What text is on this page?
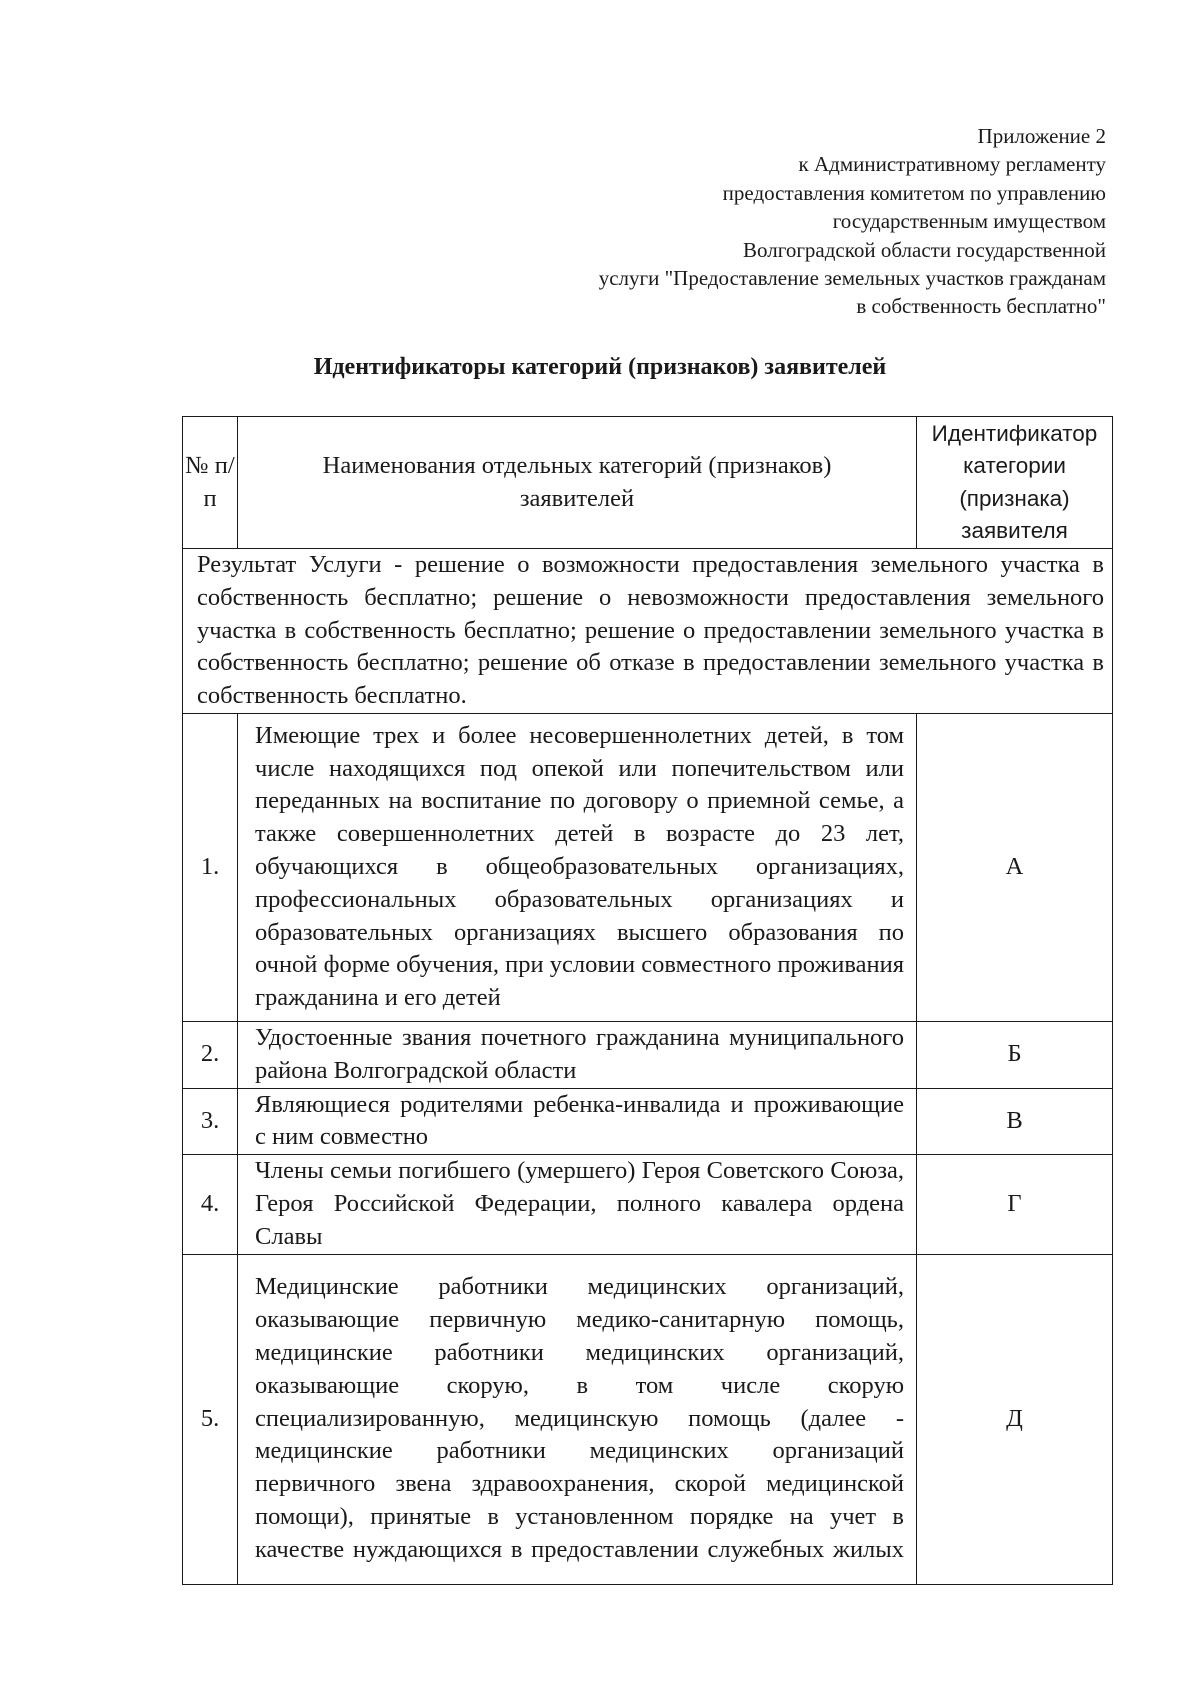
Приложение 2
к Административному регламенту
предоставления комитетом по управлению
государственным имуществом
Волгоградской области государственной
услуги "Предоставление земельных участков гражданам
в собственность бесплатно"
Идентификаторы категорий (признаков) заявителей
№ п/п	Наименования отдельных категорий (признаков) заявителей	Идентификатор категории (признака) заявителя
Результат Услуги - решение о возможности предоставления земельного участка в собственность бесплатно; решение о невозможности предоставления земельного участка в собственность бесплатно; решение о предоставлении земельного участка в собственность бесплатно; решение об отказе в предоставлении земельного участка в собственность бесплатно.		
1.	Имеющие трех и более несовершеннолетних детей, в том числе находящихся под опекой или попечительством или переданных на воспитание по договору о приемной семье, а также совершеннолетних детей в возрасте до 23 лет, обучающихся в общеобразовательных организациях, профессиональных образовательных организациях и образовательных организациях высшего образования по очной форме обучения, при условии совместного проживания гражданина и его детей	А
2.	Удостоенные звания почетного гражданина муниципального района Волгоградской области	Б
3.	Являющиеся родителями ребенка-инвалида и проживающие с ним совместно	В
4.	Члены семьи погибшего (умершего) Героя Советского Союза, Героя Российской Федерации, полного кавалера ордена Славы	Г
5.	Медицинские работники медицинских организаций, оказывающие первичную медико-санитарную помощь, медицинские работники медицинских организаций, оказывающие скорую, в том числе скорую специализированную, медицинскую помощь (далее - медицинские работники медицинских организаций первичного звена здравоохранения, скорой медицинской помощи), принятые в установленном порядке на учет в качестве нуждающихся в предоставлении служебных жилых	Д
